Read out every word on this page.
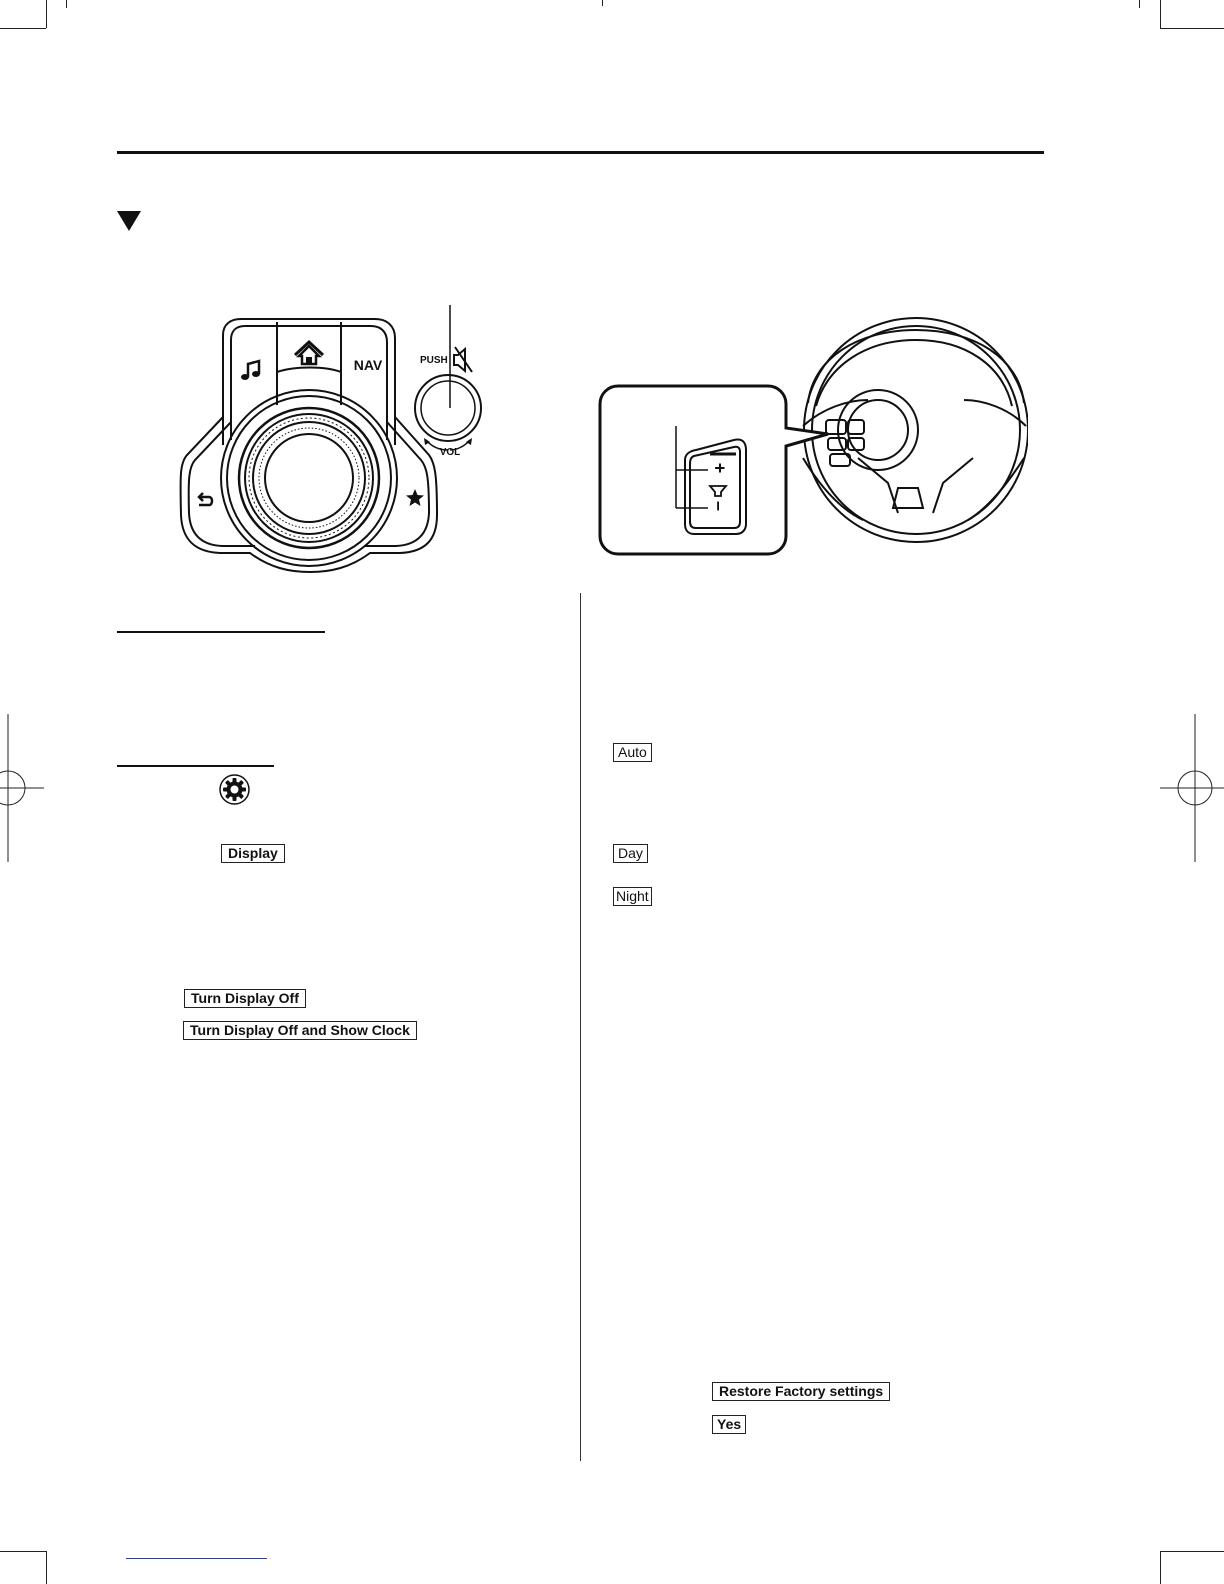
NAV	PUSH
VOL
+
–
Display
Turn Display Off
Turn Display Off and Show Clock
Auto
Day
Night
Restore Factory settings
Yes
